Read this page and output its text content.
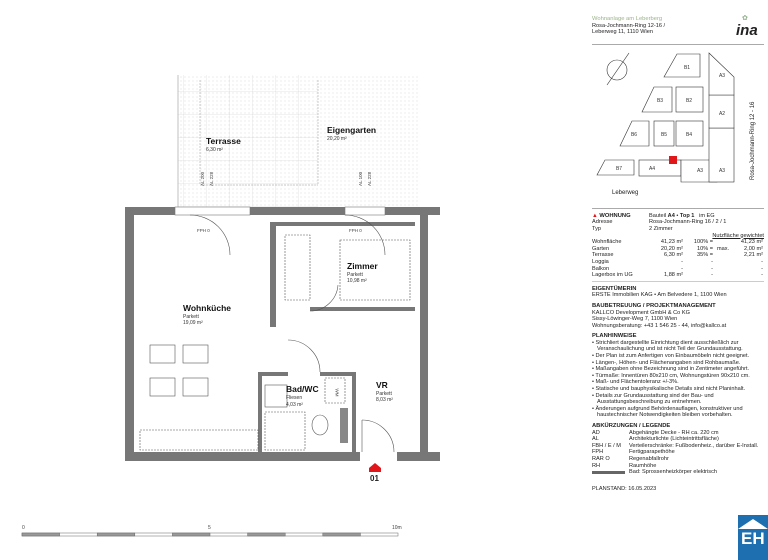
Terrasse
6,30 m²
Eigengarten
20,20 m²
Zimmer
Parkett
10,98 m²
Wohnküche
Parkett
19,09 m²
Bad/WC
Fliesen
4,03 m²
VR
Parkett
8,03 m²
FPH 0	FPH 0
AL 200 AL 228	AL 100 AL 228
WM
01
0	5	10m
Wohnanlage am Leberberg
Rosa-Jochmann-Ring 12-16 /
Leberweg 11, 1110 Wien	ina
✿
B1
B3	B2
B6	B5	B4
B7	A4	A3	A3
A2
A3
Leberweg
Rosa-Jochmann-Ring 12 - 16
▲ WOHNUNG	Bauteil A4 • Top 1 im EG
Adresse	Rosa-Jochmann-Ring 16 / 2 / 1
Typ	2 Zimmer
Nutzfläche gewichtet
Wohnfläche	41,23 m²	100% =	41,23 m²
Garten	20,20 m²	10% = max.	2,00 m²
Terrasse	6,30 m²	35% =	2,21 m²
Loggia	-	-	-
Balkon	-	-	-
Lagerbox im UG	1,88 m²	-	-
EIGENTÜMERIN
ERSTE Immobilien KAG • Am Belvedere 1, 1100 Wien
BAUBETREUUNG / PROJEKTMANAGEMENT
KALLCO Development GmbH & Co KG
Sissy-Löwinger-Weg 7, 1100 Wien
Wohnungsberatung: +43 1 546 25 - 44, info@kallco.at
PLANHINWEISE
• Strichliert dargestellte Einrichtung dient ausschließlich zur Veranschaulichung und ist nicht Teil der Grundausstattung.
• Der Plan ist zum Anfertigen von Einbaumöbeln nicht geeignet.
• Längen-, Höhen- und Flächenangaben sind Rohbaumaße.
• Maßangaben ohne Bezeichnung sind in Zentimeter angeführt.
• Türmaße: Innentüren 80x210 cm, Wohnungstüren 90x210 cm.
• Maß- und Flächentoleranz +/-3%.
• Statische und bauphysikalische Details sind nicht Planinhalt.
• Details zur Grundausstattung sind der Bau- und Ausstattungsbeschreibung zu entnehmen.
• Änderungen aufgrund Behördenauflagen, konstruktiver und haustechnischer Notwendigkeiten bleiben vorbehalten.
ABKÜRZUNGEN / LEGENDE
AD	Abgehängte Decke - RH ca. 220 cm
AL	Architekturlichte (Lichteintrittsfläche)
FBH / E / M	Verteilerschränke: Fußbodenheiz., darüber E-Install.
FPH	Fertigparapethöhe
RAR O	Regenabfallrohr
RH	Raumhöhe
Bad: Sprossenheizkörper elektrisch
PLANSTAND: 16.05.2023
EH
